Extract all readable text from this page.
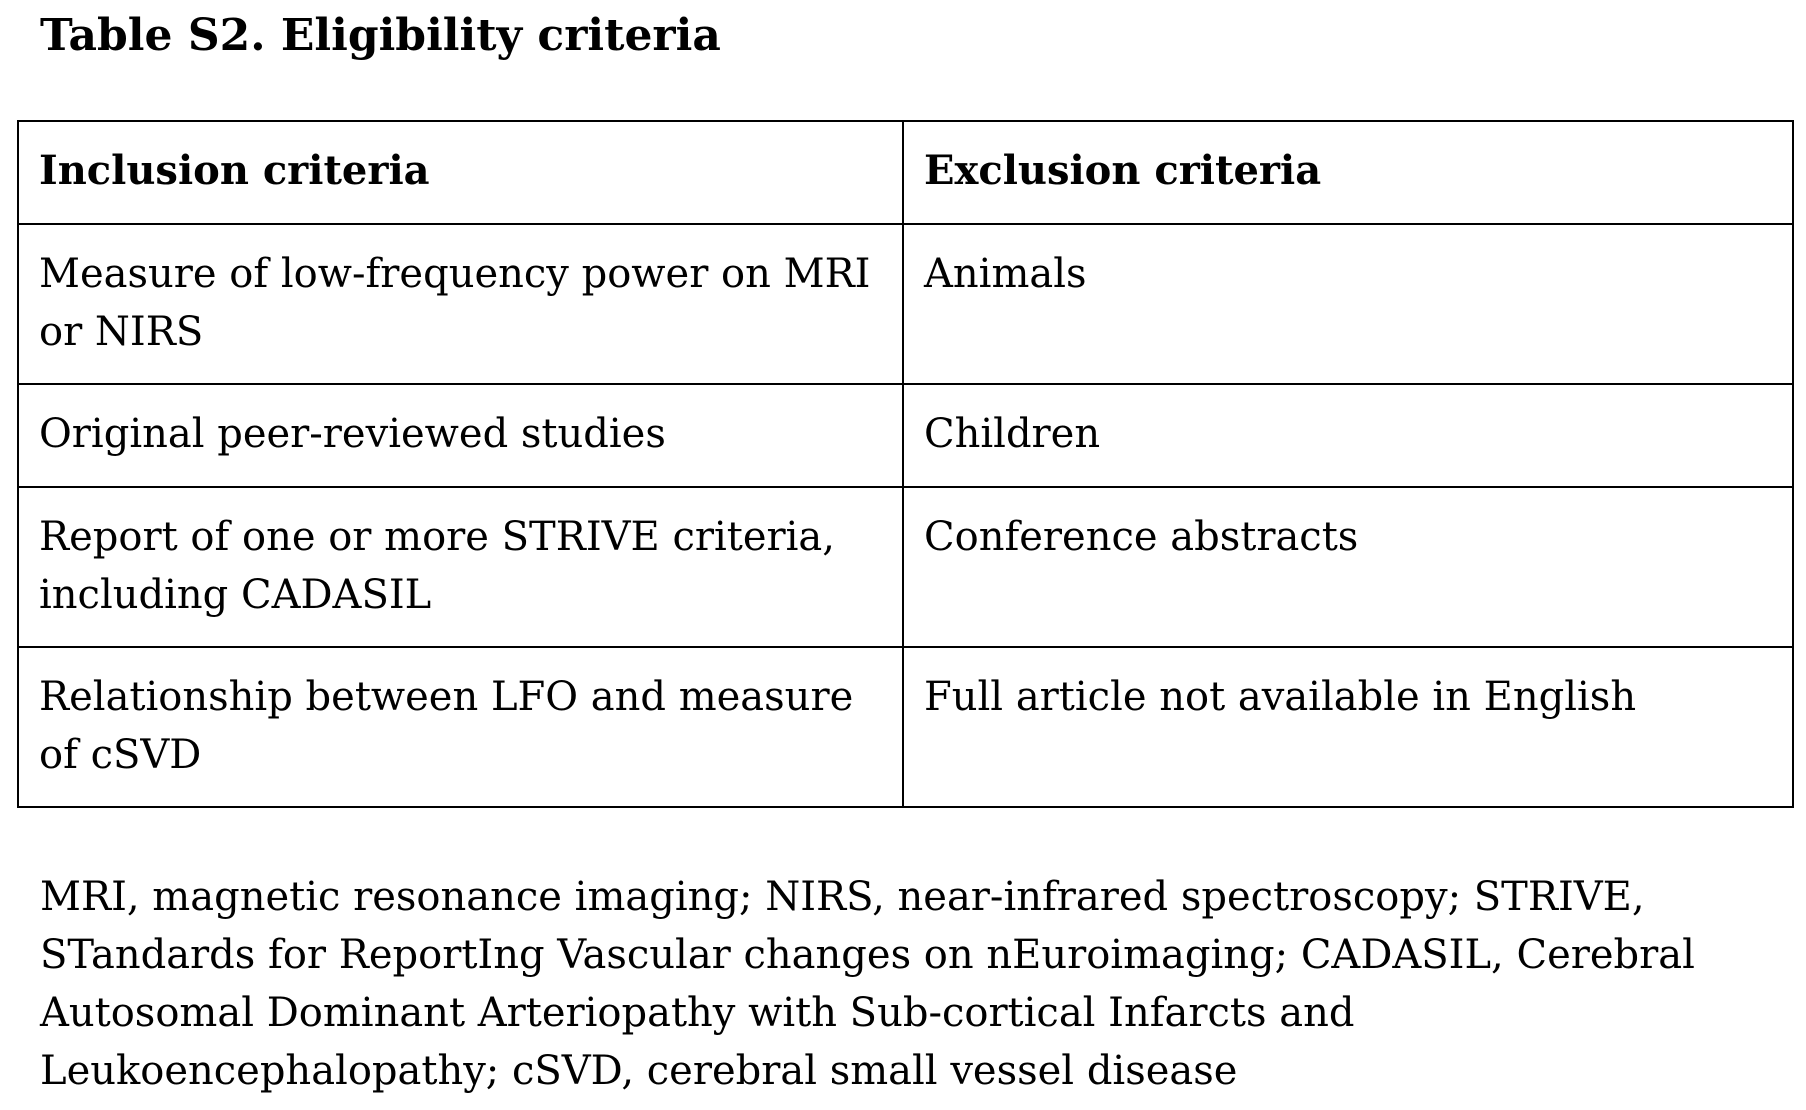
Table S2. Eligibility criteria
Inclusion criteria	Exclusion criteria
Measure of low-frequency power on MRI or NIRS	Animals
Original peer-reviewed studies	Children
Report of one or more STRIVE criteria, including CADASIL	Conference abstracts
Relationship between LFO and measure of cSVD	Full article not available in English
MRI, magnetic resonance imaging; NIRS, near-infrared spectroscopy; STRIVE, STandards for ReportIng Vascular changes on nEuroimaging; CADASIL, Cerebral Autosomal Dominant Arteriopathy with Sub-cortical Infarcts and Leukoencephalopathy; cSVD, cerebral small vessel disease
